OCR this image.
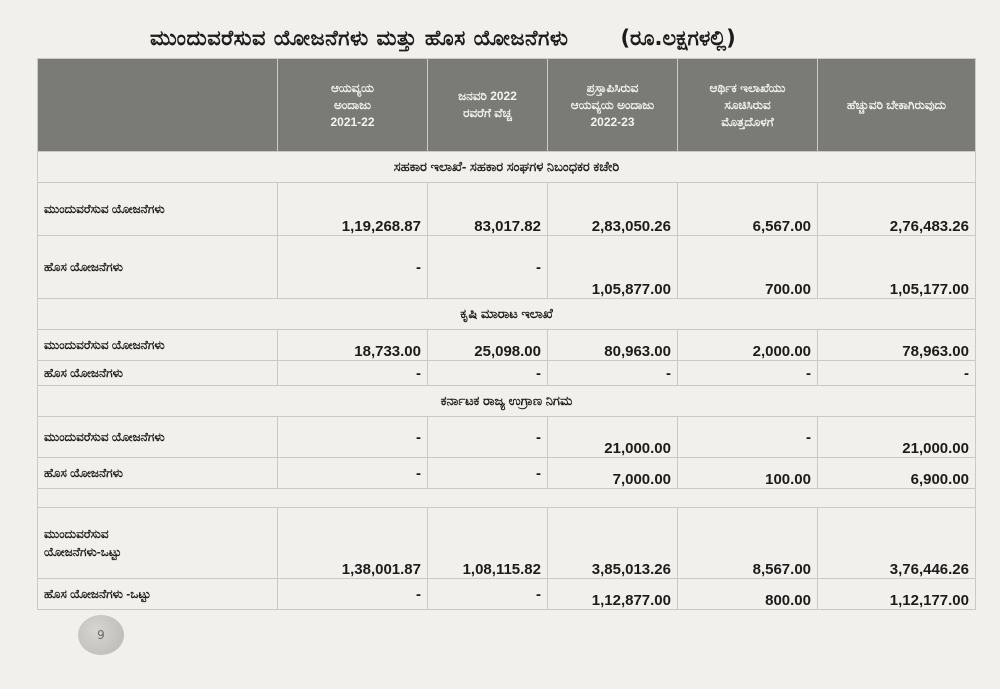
ಮುಂದುವರೆಸುವ ಯೋಜನೆಗಳು ಮತ್ತು ಹೊಸ ಯೋಜನೆಗಳು (ರೂ.ಲಕ್ಷಗಳಲ್ಲಿ)

	ಆಯವ್ಯಯ
ಅಂದಾಜು
2021-22	ಜನವರಿ 2022
ರವರೆಗೆ ವೆಚ್ಚ	ಪ್ರಸ್ತಾಪಿಸಿರುವ
ಆಯವ್ಯಯ ಅಂದಾಜು
2022-23	ಆರ್ಥಿಕ ಇಲಾಖೆಯು
ಸೂಚಿಸಿರುವ
ಮೊತ್ತದೊಳಗೆ	ಹೆಚ್ಚುವರಿ ಬೇಕಾಗಿರುವುದು

ಸಹಕಾರ ಇಲಾಖೆ- ಸಹಕಾರ ಸಂಘಗಳ ನಿಬಂಧಕರ ಕಚೇರಿ					
ಮುಂದುವರೆಸುವ ಯೋಜನೆಗಳು	1,19,268.87	83,017.82	2,83,050.26	6,567.00	2,76,483.26
ಹೊಸ ಯೋಜನೆಗಳು	-	-	1,05,877.00	700.00	1,05,177.00
ಕೃಷಿ ಮಾರಾಟ ಇಲಾಖೆ					
ಮುಂದುವರೆಸುವ ಯೋಜನೆಗಳು	18,733.00	25,098.00	80,963.00	2,000.00	78,963.00
ಹೊಸ ಯೋಜನೆಗಳು	-	-	-	-	-
ಕರ್ನಾಟಕ ರಾಜ್ಯ ಉಗ್ರಾಣ ನಿಗಮ					
ಮುಂದುವರೆಸುವ ಯೋಜನೆಗಳು	-	-	21,000.00	-	21,000.00
ಹೊಸ ಯೋಜನೆಗಳು	-	-	7,000.00	100.00	6,900.00

ಮುಂದುವರೆಸುವ
ಯೋಜನೆಗಳು-ಒಟ್ಟು	1,38,001.87	1,08,115.82	3,85,013.26	8,567.00	3,76,446.26
ಹೊಸ ಯೋಜನೆಗಳು -ಒಟ್ಟು	-	-	1,12,877.00	800.00	1,12,177.00
9
